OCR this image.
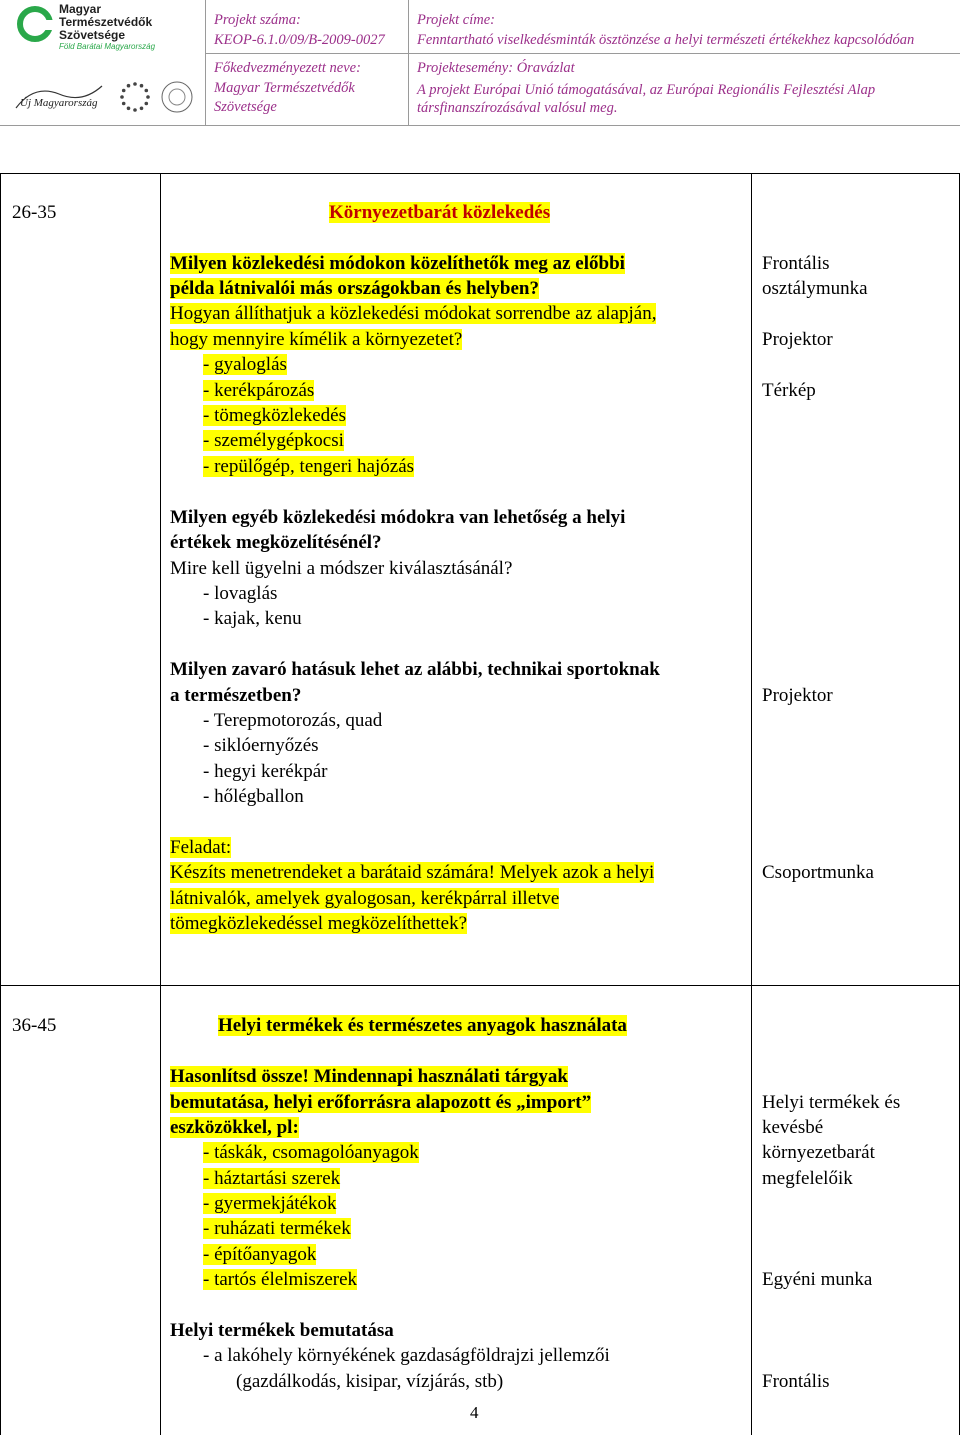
Magyar
Természetvédők
Szövetsége
Föld Barátai Magyarország
Új Magyarország
Projekt száma:
KEOP-6.1.0/09/B-2009-0027
Projekt címe:
Fenntartható viselkedésminták ösztönzése a helyi természeti értékekhez kapcsolódóan
Főkedvezményezett neve:
Magyar Természetvédők
Szövetsége
Projektesemény: Óravázlat
A projekt Európai Unió támogatásával, az Európai Regionális Fejlesztési Alap
társfinanszírozásával valósul meg.
26-35	Környezetbarát közlekedés
Milyen közlekedési módokon közelíthetők meg az előbbi
példa látnivalói más országokban és helyben?
Hogyan állíthatjuk a közlekedési módokat sorrendbe az alapján,
hogy mennyire kímélik a környezetet?
- gyaloglás
- kerékpározás
- tömegközlekedés
- személygépkocsi
- repülőgép, tengeri hajózás
Milyen egyéb közlekedési módokra van lehetőség a helyi
értékek megközelítésénél?
Mire kell ügyelni a módszer kiválasztásánál?
- lovaglás
- kajak, kenu
Milyen zavaró hatásuk lehet az alábbi, technikai sportoknak
a természetben?
- Terepmotorozás, quad
- siklóernyőzés
- hegyi kerékpár
- hőlégballon
Feladat:
Készíts menetrendeket a barátaid számára! Melyek azok a helyi
látnivalók, amelyek gyalogosan, kerékpárral illetve
tömegközlekedéssel megközelíthettek?
Frontális
osztálymunka
Projektor
Térkép
Projektor
Csoportmunka
36-45	Helyi termékek és természetes anyagok használata
Hasonlítsd össze! Mindennapi használati tárgyak
bemutatása, helyi erőforrásra alapozott és „import”
eszközökkel, pl:
- táskák, csomagolóanyagok
- háztartási szerek
- gyermekjátékok
- ruházati termékek
- építőanyagok
- tartós élelmiszerek
Helyi termékek bemutatása
- a lakóhely környékének gazdaságföldrajzi jellemzői
(gazdálkodás, kisipar, vízjárás, stb)
Helyi termékek és
kevésbé
környezetbarát
megfelelőik
Egyéni munka
Frontális
4
